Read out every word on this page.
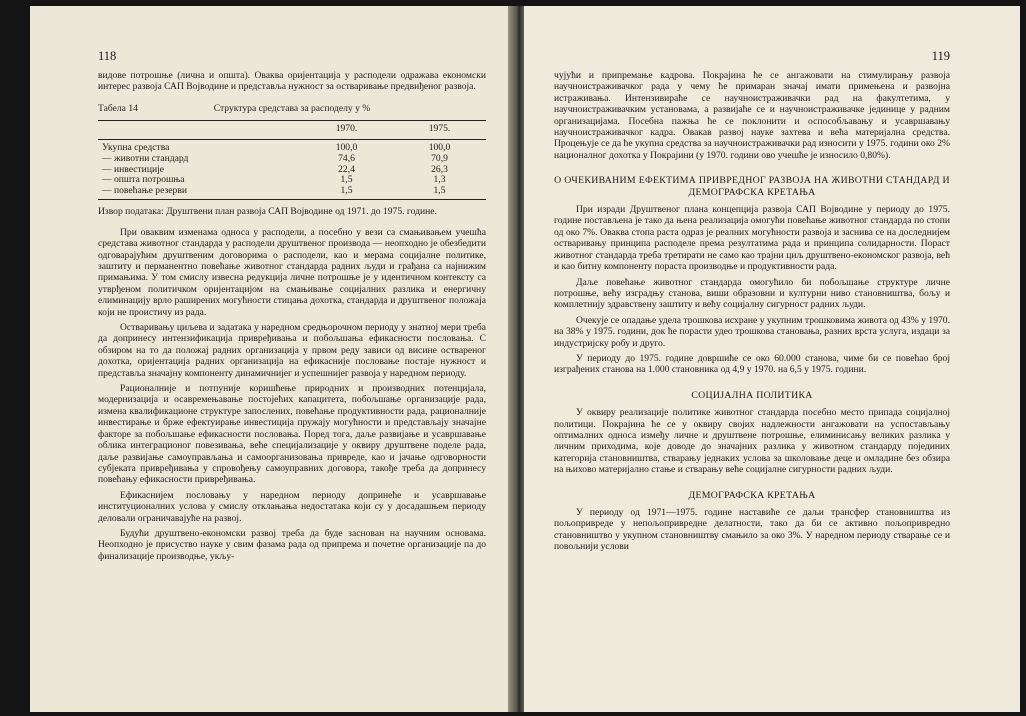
118

видове потрошње (лична и општа). Оваква оријентација у расподели одражава економски интерес развоја САП Војводине и представља нужност за остваривање предвиђеног развоја.

Табела 14	Структура средстава за расподелу у %
	1970.	1975.
Укупна средства	100,0	100,0
— животни стандард	74,6	70,9
— инвестиције	22,4	26,3
— општа потрошња	1,5	1,3
— повећање резерви	1,5	1,5
Извор података: Друштвени план развоја САП Војводине од 1971. до 1975. године.

При оваквим изменама односа у расподели, а посебно у вези са смањивањем учешћа средстава животног стандарда у расподели друштвеног производа — неопходно је обезбедити одговарајућим друштвеним договорима о расподели, као и мерама социјалне политике, заштиту и перманентно повећање животног стандарда радних људи и грађана са најнижим примањима. У том смислу извесна редукција личне потрошње је у идентичном контексту са утврђеном политичком оријентацијом на смањивање социјалних разлика и енергичну елиминацију врло раширених могућности стицања дохотка, стандарда и друштвеног положаја који не проистичу из рада.

Остваривању циљева и задатака у наредном средњорочном периоду у знатној мери треба да допринесу интензификација привређивања и побољшања ефикасности пословања. С обзиром на то да положај радних организација у првом реду зависи од висине оствареног дохотка, оријентација радних организација на ефикасније пословање постаје нужност и представља значајну компоненту динамичнијег и успешнијег развоја у наредном периоду.

Рационалније и потпуније коришћење природних и производних потенцијала, модернизација и осавремењавање постојећих капацитета, побољшање организације рада, измена квалификационе структуре запослених, повећање продуктивности рада, рационалније инвестирање и брже ефектуирање инвестиција пружају могућности и представљају значајне факторе за побољшање ефикасности пословања. Поред тога, даље развијање и усавршавање облика интеграционог повезивања, веће специјализације у оквиру друштвене поделе рада, даље развијање самоуправљања и самоорганизовања привреде, као и јачање одговорности субјеката привређивања у спровођењу самоуправних договора, такође треба да допринесу повећању ефикасности привређивања.

Ефикаснијем пословању у наредном периоду допринеће и усавршавање институционалних услова у смислу отклањања недостатака који су у досадашњем периоду деловали ограничавајуће на развој.

Будући друштвено-економски развој треба да буде заснован на научним основама. Неопходно је присуство науке у свим фазама рада од припрема и почетне организације па до финализације производње, укљу-

119

чујући и припремање кадрова. Покрајина ће се ангажовати на стимулирању развоја научноистраживачког рада у чему ће примаран значај имати примењена и развојна истраживања. Интензивираће се научноистраживачки рад на факултетима, у научноистраживачким установама, а развијаће се и научноистраживачке јединице у радним организацијама. Посебна пажња ће се поклонити и оспособљавању и усавршавању научноистраживачког кадра. Овакав развој науке захтева и већа материјална средства. Процењује се да ће укупна средства за научноистраживачки рад износити у 1975. години око 2% националног дохотка у Покрајини (у 1970. години ово учешће је износило 0,80%).

О ОЧЕКИВАНИМ ЕФЕКТИМА ПРИВРЕДНОГ РАЗВОЈА НА ЖИВОТНИ СТАНДАРД И ДЕМОГРАФСКА КРЕТАЊА

При изради Друштвеног плана концепција развоја САП Војводине у периоду до 1975. године постављена је тако да њена реализација омогући повећање животног стандарда по стопи од око 7%. Оваква стопа раста одраз је реалних могућности развоја и заснива се на доследнијем остваривању принципа расподеле према резултатима рада и принципа солидарности. Пораст животног стандарда треба третирати не само као трајни циљ друштвено-економског развоја, већ и као битну компоненту пораста производње и продуктивности рада.

Даље повећање животног стандарда омогућило би побољшање структуре личне потрошње, већу изградњу станова, виши образовни и културни ниво становништва, бољу и комплетнију здравствену заштиту и већу социјалну сигурност радних људи.

Очекује се опадање удела трошкова исхране у укупним трошковима живота од 43% у 1970. на 38% у 1975. години, док ће порасти удео трошкова становања, разних врста услуга, издаци за индустријску робу и друго.

У периоду до 1975. године довршиће се око 60.000 станова, чиме би се повећао број изграђених станова на 1.000 становника од 4,9 у 1970. на 6,5 у 1975. години.

СОЦИЈАЛНА ПОЛИТИКА

У оквиру реализације политике животног стандарда посебно место припада социјалној политици. Покрајина ће се у оквиру својих надлежности ангажовати на успостављању оптималних односа између личне и друштвене потрошње, елиминисању великих разлика у личним приходима, које доводе до значајних разлика у животном стандарду појединих категорија становништва, стварању једнаких услова за школовање деце и омладине без обзира на њихово материјално стање и стварању веће социјалне сигурности радних људи.

ДЕМОГРАФСКА КРЕТАЊА

У периоду од 1971—1975. године наставиће се даљи трансфер становништва из пољопривреде у непољопривредне делатности, тако да би се активно пољопривредно становништво у укупном становништву смањило за око 3%. У наредном периоду стварање се и повољнији услови
